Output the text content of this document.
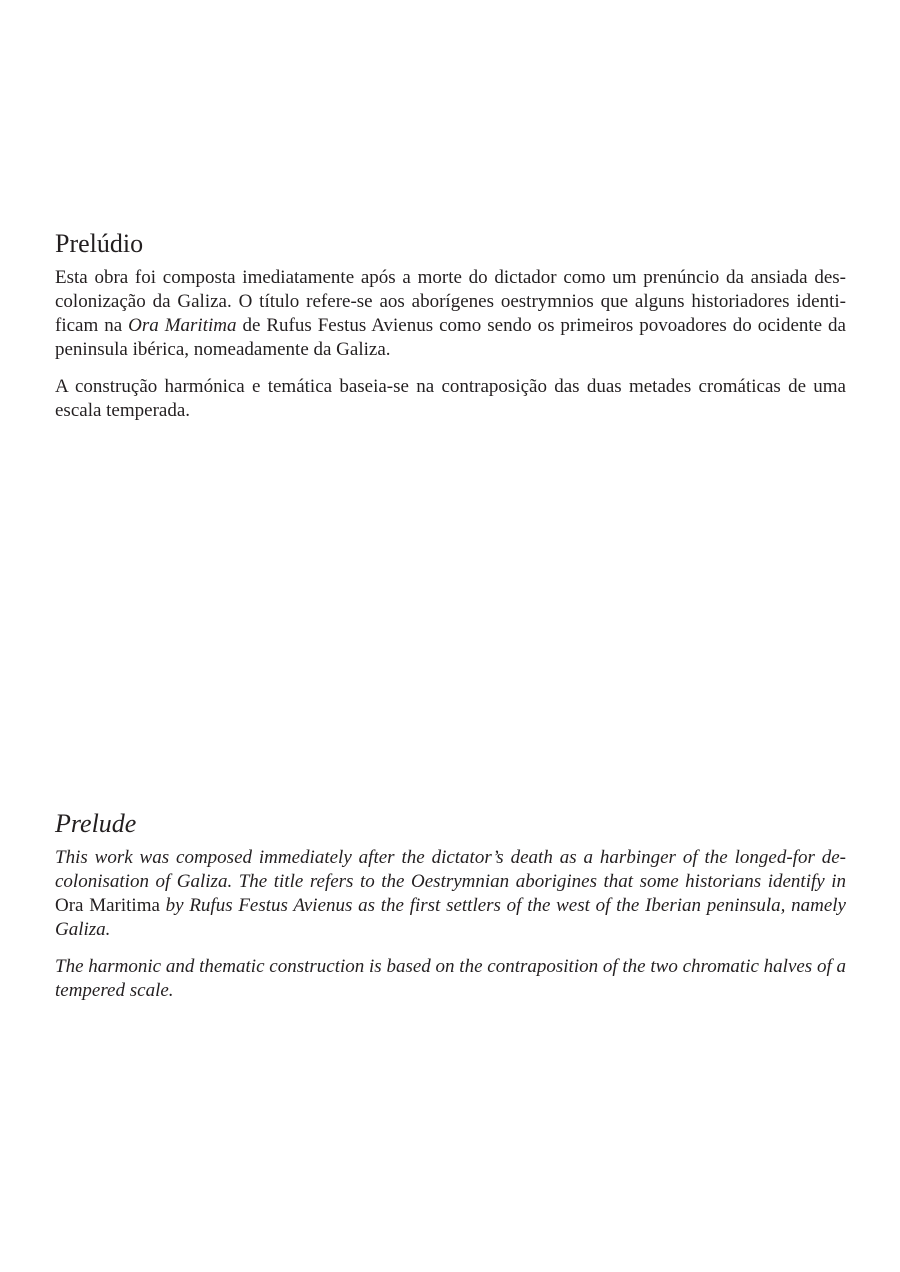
Prelúdio

Esta obra foi composta imediatamente após a morte do dictador como um prenúncio da ansiada descolonização da Galiza. O título refere-se aos aborígenes oestrymnios que alguns historiadores identificam na Ora Maritima de Rufus Festus Avienus como sendo os primeiros povoadores do ocidente da peninsula ibérica, nomeadamente da Galiza.

A construção harmónica e temática baseia-se na contraposição das duas metades cromáticas de uma escala temperada.

Prelude

This work was composed immediately after the dictator’s death as a harbinger of the longed-for decolonisation of Galiza. The title refers to the Oestrymnian aborigines that some historians identify in Ora Maritima by Rufus Festus Avienus as the first settlers of the west of the Iberian peninsula, namely Galiza.

The harmonic and thematic construction is based on the contraposition of the two chromatic halves of a tempered scale.
